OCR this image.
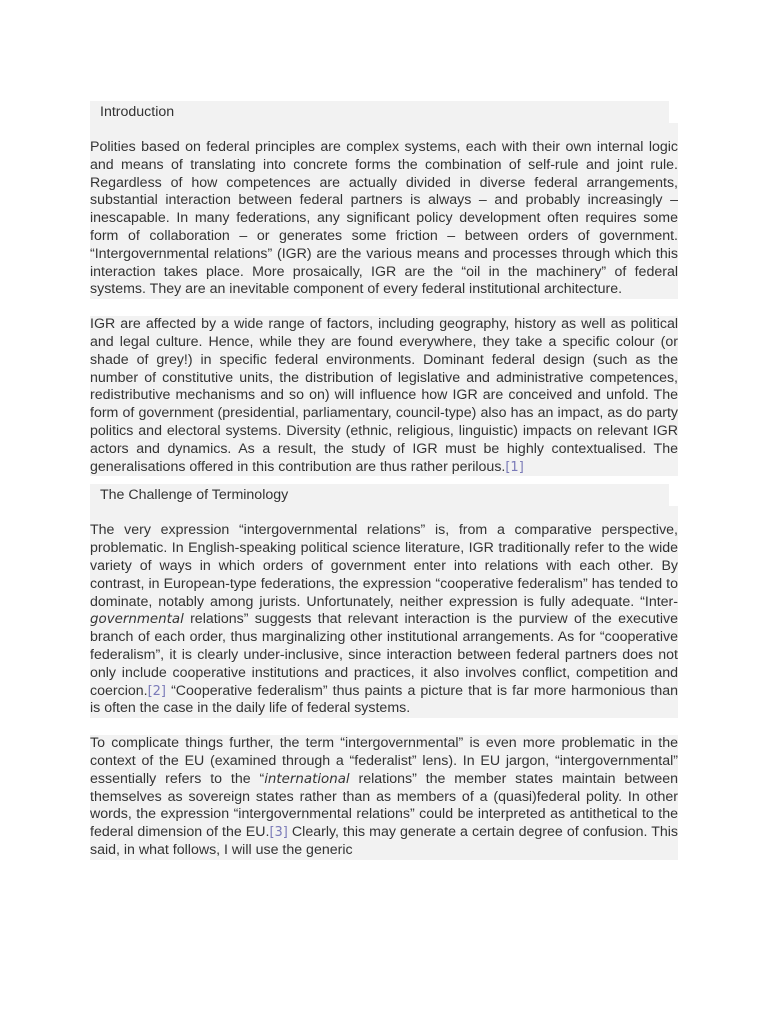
Introduction

Polities based on federal principles are complex systems, each with their own internal logic and means of translating into concrete forms the combination of self-rule and joint rule. Regardless of how competences are actually divided in diverse federal arrangements, substantial interaction between federal partners is always – and probably increasingly – inescapable. In many federations, any significant policy development often requires some form of collaboration – or generates some friction – between orders of government. “Intergovernmental relations” (IGR) are the various means and processes through which this interaction takes place. More prosaically, IGR are the “oil in the machinery” of federal systems. They are an inevitable component of every federal institutional architecture.

IGR are affected by a wide range of factors, including geography, history as well as political and legal culture. Hence, while they are found everywhere, they take a specific colour (or shade of grey!) in specific federal environments. Dominant federal design (such as the number of constitutive units, the distribution of legislative and administrative competences, redistributive mechanisms and so on) will influence how IGR are conceived and unfold. The form of government (presidential, parliamentary, council-type) also has an impact, as do party politics and electoral systems. Diversity (ethnic, religious, linguistic) impacts on relevant IGR actors and dynamics. As a result, the study of IGR must be highly contextualised. The generalisations offered in this contribution are thus rather perilous.[1]

The Challenge of Terminology

The very expression “intergovernmental relations” is, from a comparative perspective, problematic. In English-speaking political science literature, IGR traditionally refer to the wide variety of ways in which orders of government enter into relations with each other. By contrast, in European-type federations, the expression “cooperative federalism” has tended to dominate, notably among jurists. Unfortunately, neither expression is fully adequate. “Inter-governmental relations” suggests that relevant interaction is the purview of the executive branch of each order, thus marginalizing other institutional arrangements. As for “cooperative federalism”, it is clearly under-inclusive, since interaction between federal partners does not only include cooperative institutions and practices, it also involves conflict, competition and coercion.[2] “Cooperative federalism” thus paints a picture that is far more harmonious than is often the case in the daily life of federal systems.

To complicate things further, the term “intergovernmental” is even more problematic in the context of the EU (examined through a “federalist” lens). In EU jargon, “intergovernmental” essentially refers to the “international relations” the member states maintain between themselves as sovereign states rather than as members of a (quasi)federal polity. In other words, the expression “intergovernmental relations” could be interpreted as antithetical to the federal dimension of the EU.[3] Clearly, this may generate a certain degree of confusion. This said, in what follows, I will use the generic
